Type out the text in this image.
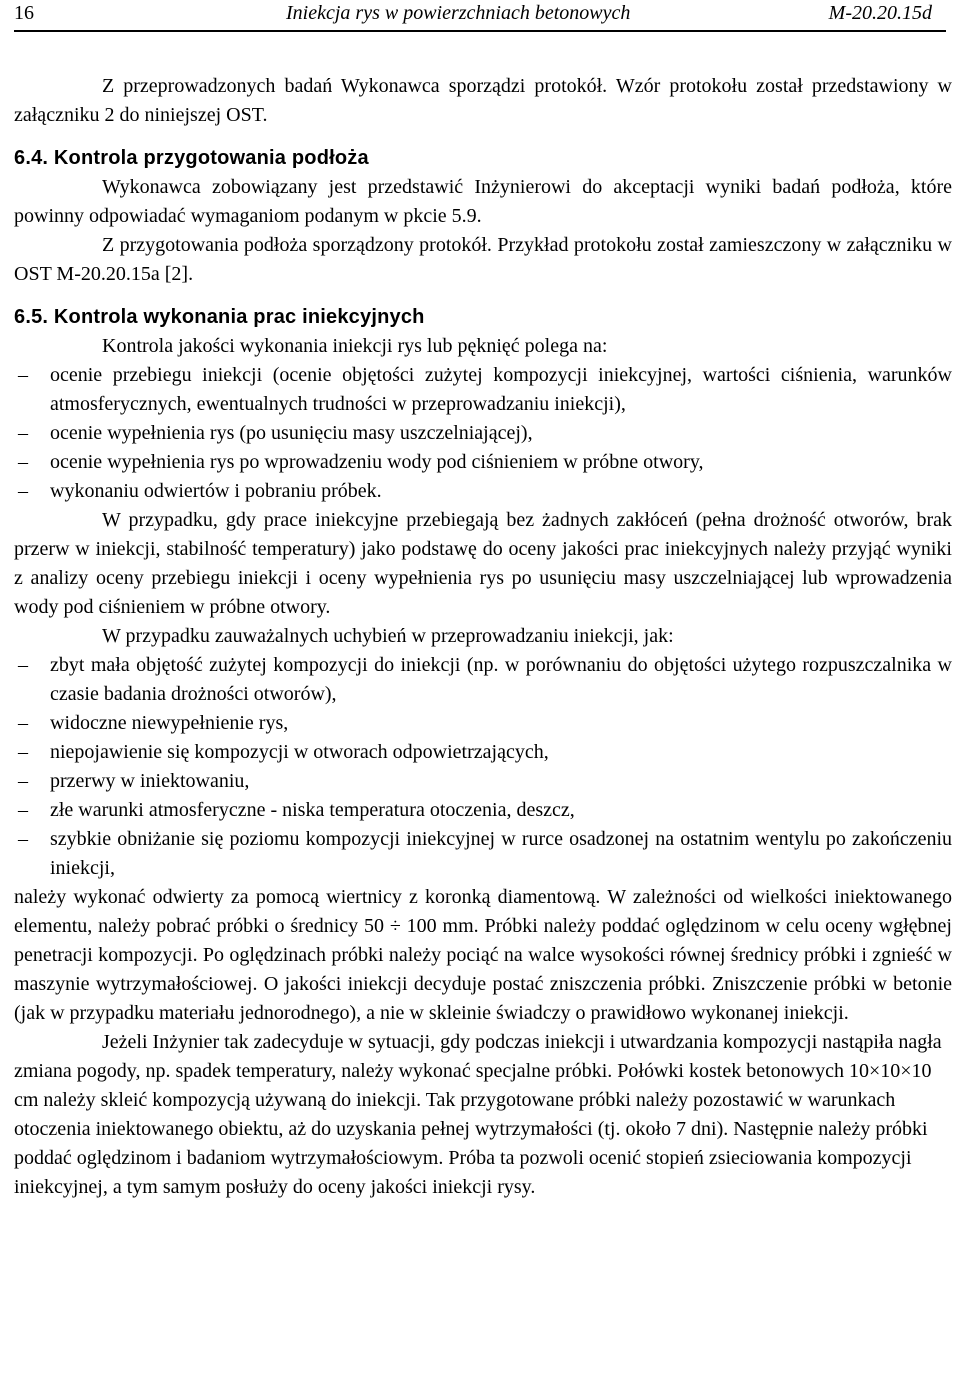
16	Iniekcja rys w powierzchniach betonowych	M-20.20.15d

Z przeprowadzonych badań Wykonawca sporządzi protokół. Wzór protokołu został przedstawiony w załączniku 2 do niniejszej OST.

6.4. Kontrola przygotowania podłoża

Wykonawca zobowiązany jest przedstawić Inżynierowi do akceptacji wyniki badań podłoża, które powinny odpowiadać wymaganiom podanym w pkcie 5.9.

Z przygotowania podłoża sporządzony protokół. Przykład protokołu został zamieszczony w załączniku w OST M-20.20.15a [2].

6.5. Kontrola wykonania prac iniekcyjnych

Kontrola jakości wykonania iniekcji rys lub pęknięć polega na:

– ocenie przebiegu iniekcji (ocenie objętości zużytej kompozycji iniekcyjnej, wartości ciśnienia, warunków atmosferycznych, ewentualnych trudności w przeprowadzaniu iniekcji),
– ocenie wypełnienia rys (po usunięciu masy uszczelniającej),
– ocenie wypełnienia rys po wprowadzeniu wody pod ciśnieniem w próbne otwory,
– wykonaniu odwiertów i pobraniu próbek.

W przypadku, gdy prace iniekcyjne przebiegają bez żadnych zakłóceń (pełna drożność otworów, brak przerw w iniekcji, stabilność temperatury) jako podstawę do oceny jakości prac iniekcyjnych należy przyjąć wyniki z analizy oceny przebiegu iniekcji i oceny wypełnienia rys po usunięciu masy uszczelniającej lub wprowadzenia wody pod ciśnieniem w próbne otwory.

W przypadku zauważalnych uchybień w przeprowadzaniu iniekcji, jak:

– zbyt mała objętość zużytej kompozycji do iniekcji (np. w porównaniu do objętości użytego rozpuszczalnika w czasie badania drożności otworów),
– widoczne niewypełnienie rys,
– niepojawienie się kompozycji w otworach odpowietrzających,
– przerwy w iniektowaniu,
– złe warunki atmosferyczne - niska temperatura otoczenia, deszcz,
– szybkie obniżanie się poziomu kompozycji iniekcyjnej w rurce osadzonej na ostatnim wentylu po zakończeniu iniekcji,

należy wykonać odwierty za pomocą wiertnicy z koronką diamentową. W zależności od wielkości iniektowanego elementu, należy pobrać próbki o średnicy 50 ÷ 100 mm. Próbki należy poddać oględzinom w celu oceny wgłębnej penetracji kompozycji. Po oględzinach próbki należy pociąć na walce wysokości równej średnicy próbki i zgnieść w maszynie wytrzymałościowej. O jakości iniekcji decyduje postać zniszczenia próbki. Zniszczenie próbki w betonie (jak w przypadku materiału jednorodnego), a nie w skleinie świadczy o prawidłowo wykonanej iniekcji.

Jeżeli Inżynier tak zadecyduje w sytuacji, gdy podczas iniekcji i utwardzania kompozycji nastąpiła nagła zmiana pogody, np. spadek temperatury, należy wykonać specjalne próbki. Połówki kostek betonowych 10×10×10 cm należy skleić kompozycją używaną do iniekcji. Tak przygotowane próbki należy pozostawić w warunkach otoczenia iniektowanego obiektu, aż do uzyskania pełnej wytrzymałości (tj. około 7 dni). Następnie należy próbki poddać oględzinom i badaniom wytrzymałościowym. Próba ta pozwoli ocenić stopień zsieciowania kompozycji iniekcyjnej, a tym samym posłuży do oceny jakości iniekcji rysy.
